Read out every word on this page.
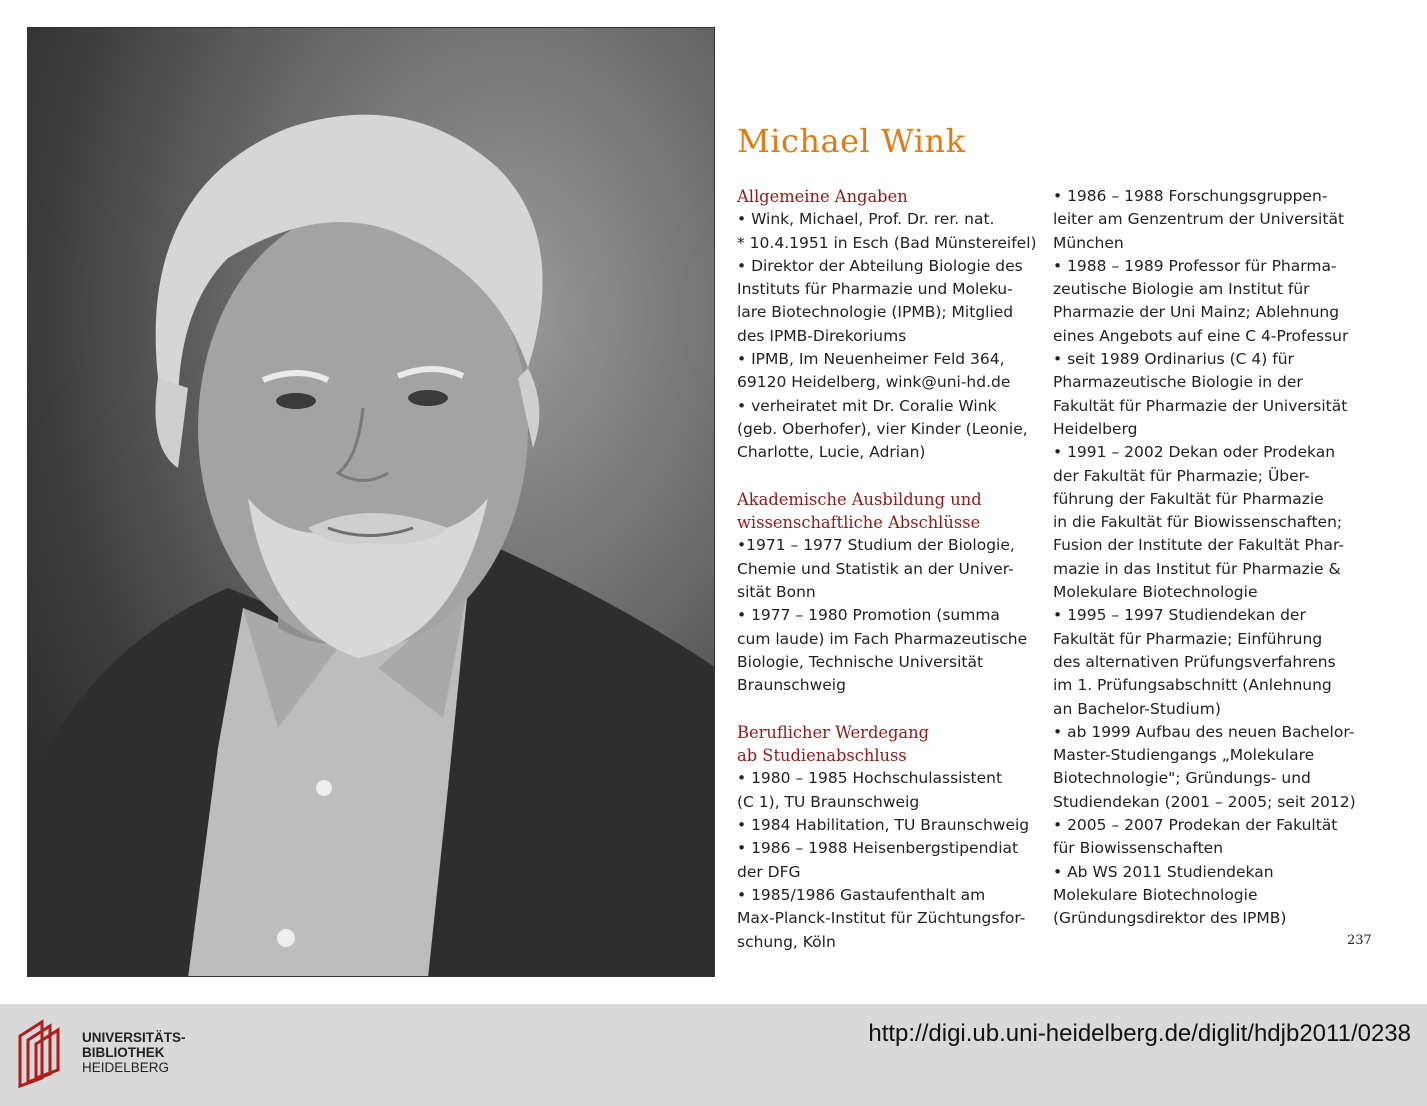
Michael Wink
Allgemeine Angaben
• Wink, Michael, Prof. Dr. rer. nat.
* 10.4.1951 in Esch (Bad Münstereifel)
• Direktor der Abteilung Biologie des
Instituts für Pharmazie und Moleku-
lare Biotechnologie (IPMB); Mitglied
des IPMB-Direkoriums
• IPMB, Im Neuenheimer Feld 364,
69120 Heidelberg, wink@uni-hd.de
• verheiratet mit Dr. Coralie Wink
(geb. Oberhofer), vier Kinder (Leonie,
Charlotte, Lucie, Adrian)
Akademische Ausbildung und
wissenschaftliche Abschlüsse
•1971 – 1977 Studium der Biologie,
Chemie und Statistik an der Univer-
sität Bonn
• 1977 – 1980 Promotion (summa
cum laude) im Fach Pharmazeutische
Biologie, Technische Universität
Braunschweig
Beruflicher Werdegang
ab Studienabschluss
• 1980 – 1985 Hochschulassistent
(C 1), TU Braunschweig
• 1984 Habilitation, TU Braunschweig
• 1986 – 1988 Heisenbergstipendiat
der DFG
• 1985/1986 Gastaufenthalt am
Max-Planck-Institut für Züchtungsfor-
schung, Köln
• 1986 – 1988 Forschungsgruppen-
leiter am Genzentrum der Universität
München
• 1988 – 1989 Professor für Pharma-
zeutische Biologie am Institut für
Pharmazie der Uni Mainz; Ablehnung
eines Angebots auf eine C 4-Professur
• seit 1989 Ordinarius (C 4) für
Pharmazeutische Biologie in der
Fakultät für Pharmazie der Universität
Heidelberg
• 1991 – 2002 Dekan oder Prodekan
der Fakultät für Pharmazie; Über-
führung der Fakultät für Pharmazie
in die Fakultät für Biowissenschaften;
Fusion der Institute der Fakultät Phar-
mazie in das Institut für Pharmazie &
Molekulare Biotechnologie
• 1995 – 1997 Studiendekan der
Fakultät für Pharmazie; Einführung
des alternativen Prüfungsverfahrens
im 1. Prüfungsabschnitt (Anlehnung
an Bachelor-Studium)
• ab 1999 Aufbau des neuen Bachelor-
Master-Studiengangs „Molekulare
Biotechnologie"; Gründungs- und
Studiendekan (2001 – 2005; seit 2012)
• 2005 – 2007 Prodekan der Fakultät
für Biowissenschaften
• Ab WS 2011 Studiendekan
Molekulare Biotechnologie
(Gründungsdirektor des IPMB)
237
UNIVERSITÄTS-
BIBLIOTHEK
HEIDELBERG
http://digi.ub.uni-heidelberg.de/diglit/hdjb2011/0238
